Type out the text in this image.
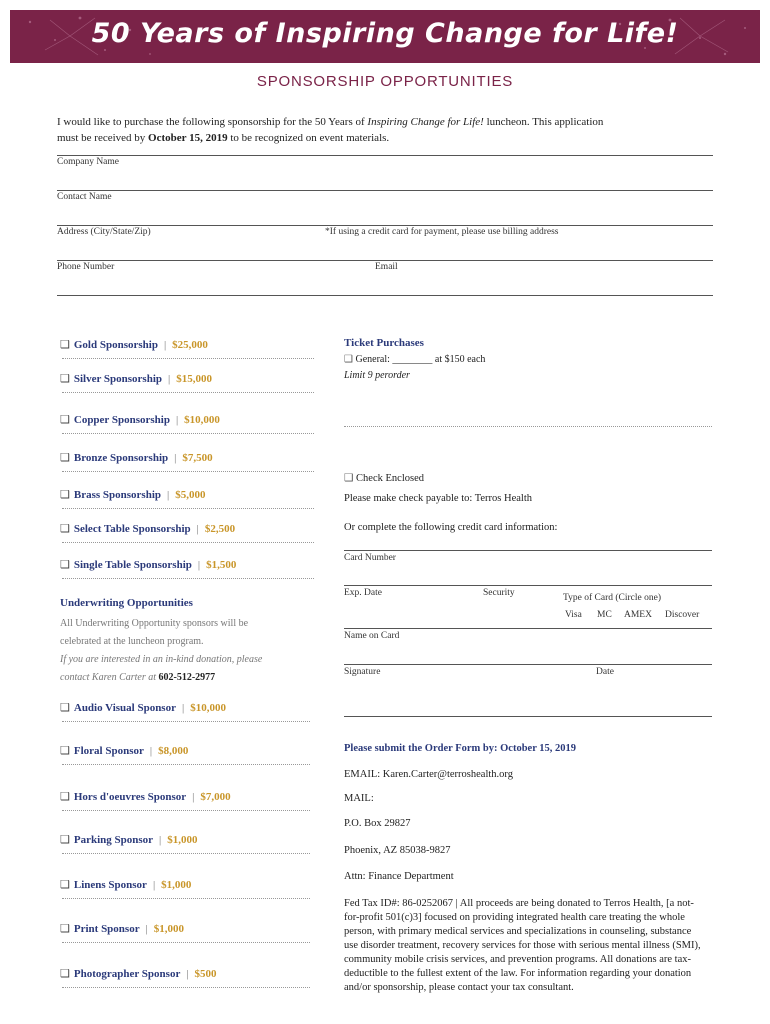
50 Years of Inspiring Change for Life!
SPONSORSHIP OPPORTUNITIES
I would like to purchase the following sponsorship for the 50 Years of Inspiring Change for Life! luncheon. This application
must be received by October 15, 2019 to be recognized on event materials.
Company Name
Contact Name
Address (City/State/Zip)	*If using a credit card for payment, please use billing address
Phone Number	Email
❑ Gold Sponsorship | $25,000
❑ Silver Sponsorship | $15,000
❑ Copper Sponsorship | $10,000
❑ Bronze Sponsorship | $7,500
❑ Brass Sponsorship | $5,000
❑ Select Table Sponsorship | $2,500
❑ Single Table Sponsorship | $1,500
Underwriting Opportunities
All Underwriting Opportunity sponsors will be
celebrated at the luncheon program.
If you are interested in an in-kind donation, please
contact Karen Carter at 602-512-2977
❑ Audio Visual Sponsor | $10,000
❑ Floral Sponsor | $8,000
❑ Hors d'oeuvres Sponsor | $7,000
❑ Parking Sponsor | $1,000
❑ Linens Sponsor | $1,000
❑ Print Sponsor | $1,000
❑ Photographer Sponsor | $500
Ticket Purchases
❑ General: ________ at $150 each
Limit 9 perorder
❑ Check Enclosed
Please make check payable to: Terros Health
Or complete the following credit card information:
Card Number
Exp. Date	Security	Type of Card (Circle one)
Visa MC AMEX Discover
Name on Card
Signature	Date
Please submit the Order Form by: October 15, 2019
EMAIL: Karen.Carter@terroshealth.org
MAIL:
P.O. Box 29827
Phoenix, AZ 85038-9827
Attn: Finance Department
Fed Tax ID#: 86-0252067 | All proceeds are being donated to Terros Health, [a not-for-profit 501(c)3] focused on providing integrated health care treating the whole person, with primary medical services and specializations in counseling, substance use disorder treatment, recovery services for those with serious mental illness (SMI), community mobile crisis services, and prevention programs. All donations are tax-deductible to the fullest extent of the law. For information regarding your donation and/or sponsorship, please contact your tax consultant.
